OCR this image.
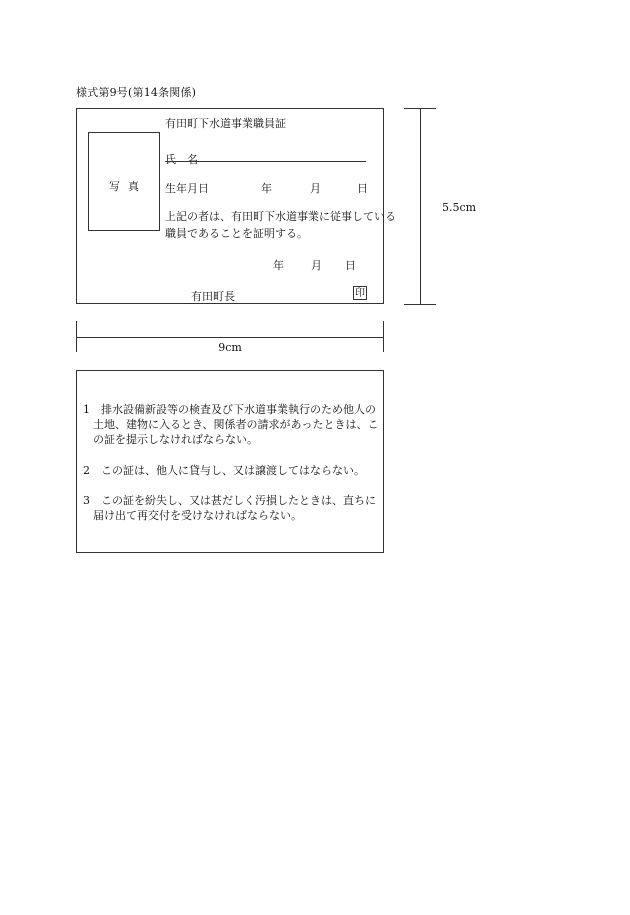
様式第9号(第14条関係)
有田町下水道事業職員証
写真
氏名
生年月日	年	月	日
上記の者は、有田町下水道事業に従事している職員であることを証明する。
年 月 日
有田町長	印
5.5cm
9cm
1　排水設備新設等の検査及び下水道事業執行のため他人の土地、建物に入るとき、関係者の請求があったときは、この証を提示しなければならない。
2　この証は、他人に貸与し、又は譲渡してはならない。
3　この証を紛失し、又は甚だしく汚損したときは、直ちに届け出て再交付を受けなければならない。
